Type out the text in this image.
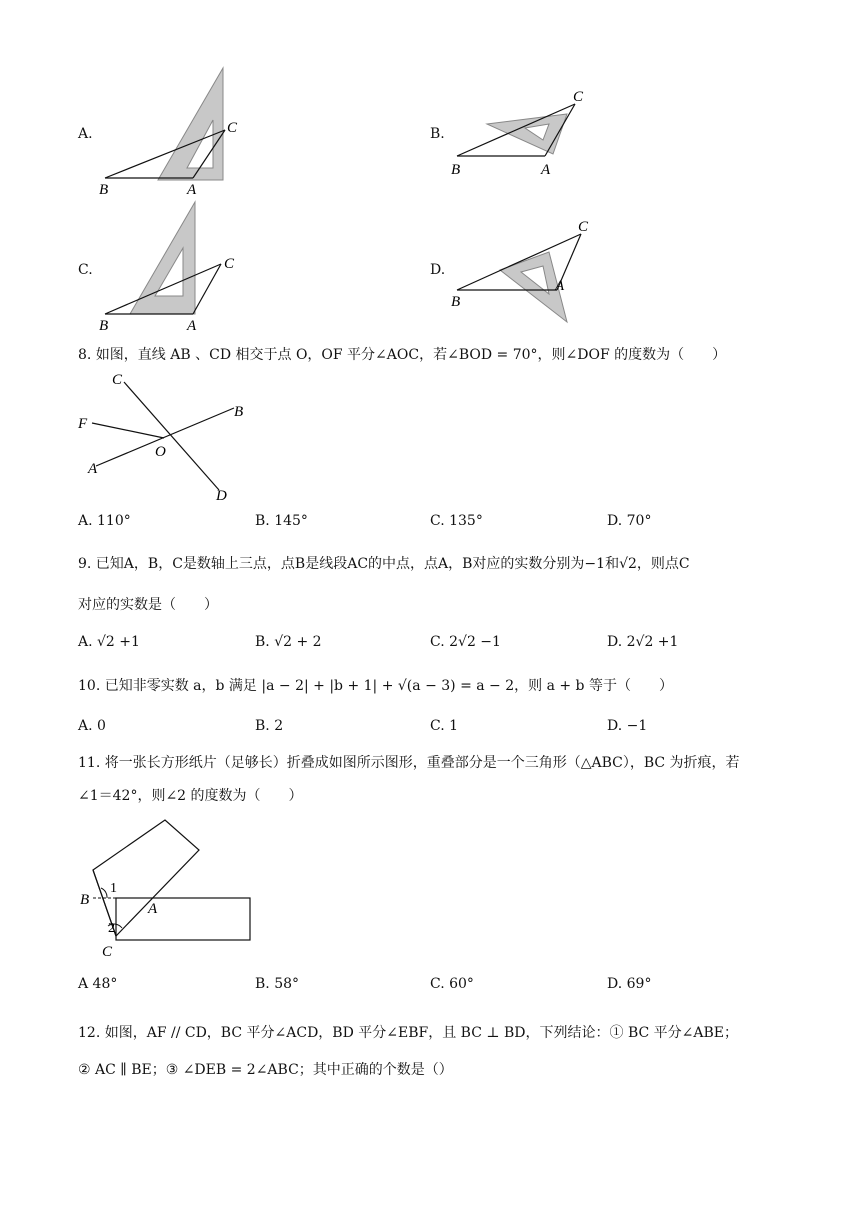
A.
B	A
C	B.
B	A
C
C.
B	A
C	D.
B
A
C
8. 如图，直线 AB 、CD 相交于点 O，OF 平分∠AOC，若∠BOD = 70°，则∠DOF 的度数为（　　）
C
F
A
O
B
D
A. 110°	B. 145°	C. 135°	D. 70°
9. 已知A，B，C是数轴上三点，点B是线段AC的中点，点A，B对应的实数分别为−1和√2，则点C
对应的实数是（　　）
A. √2 +1	B. √2 + 2	C. 2√2 −1	D. 2√2 +1
10. 已知非零实数 a，b 满足 |a − 2| + |b + 1| + √(a − 3) = a − 2，则 a + b 等于（　　）
A. 0	B. 2	C. 1	D. −1
11. 将一张长方形纸片（足够长）折叠成如图所示图形，重叠部分是一个三角形（△ABC），BC 为折痕，若
∠1＝42°，则∠2 的度数为（　　）
B
A
C
1
2
A 48°	B. 58°	C. 60°	D. 69°
12. 如图，AF // CD，BC 平分∠ACD，BD 平分∠EBF，且 BC ⊥ BD，下列结论：① BC 平分∠ABE；
② AC ∥ BE；③ ∠DEB = 2∠ABC；其中正确的个数是（）
